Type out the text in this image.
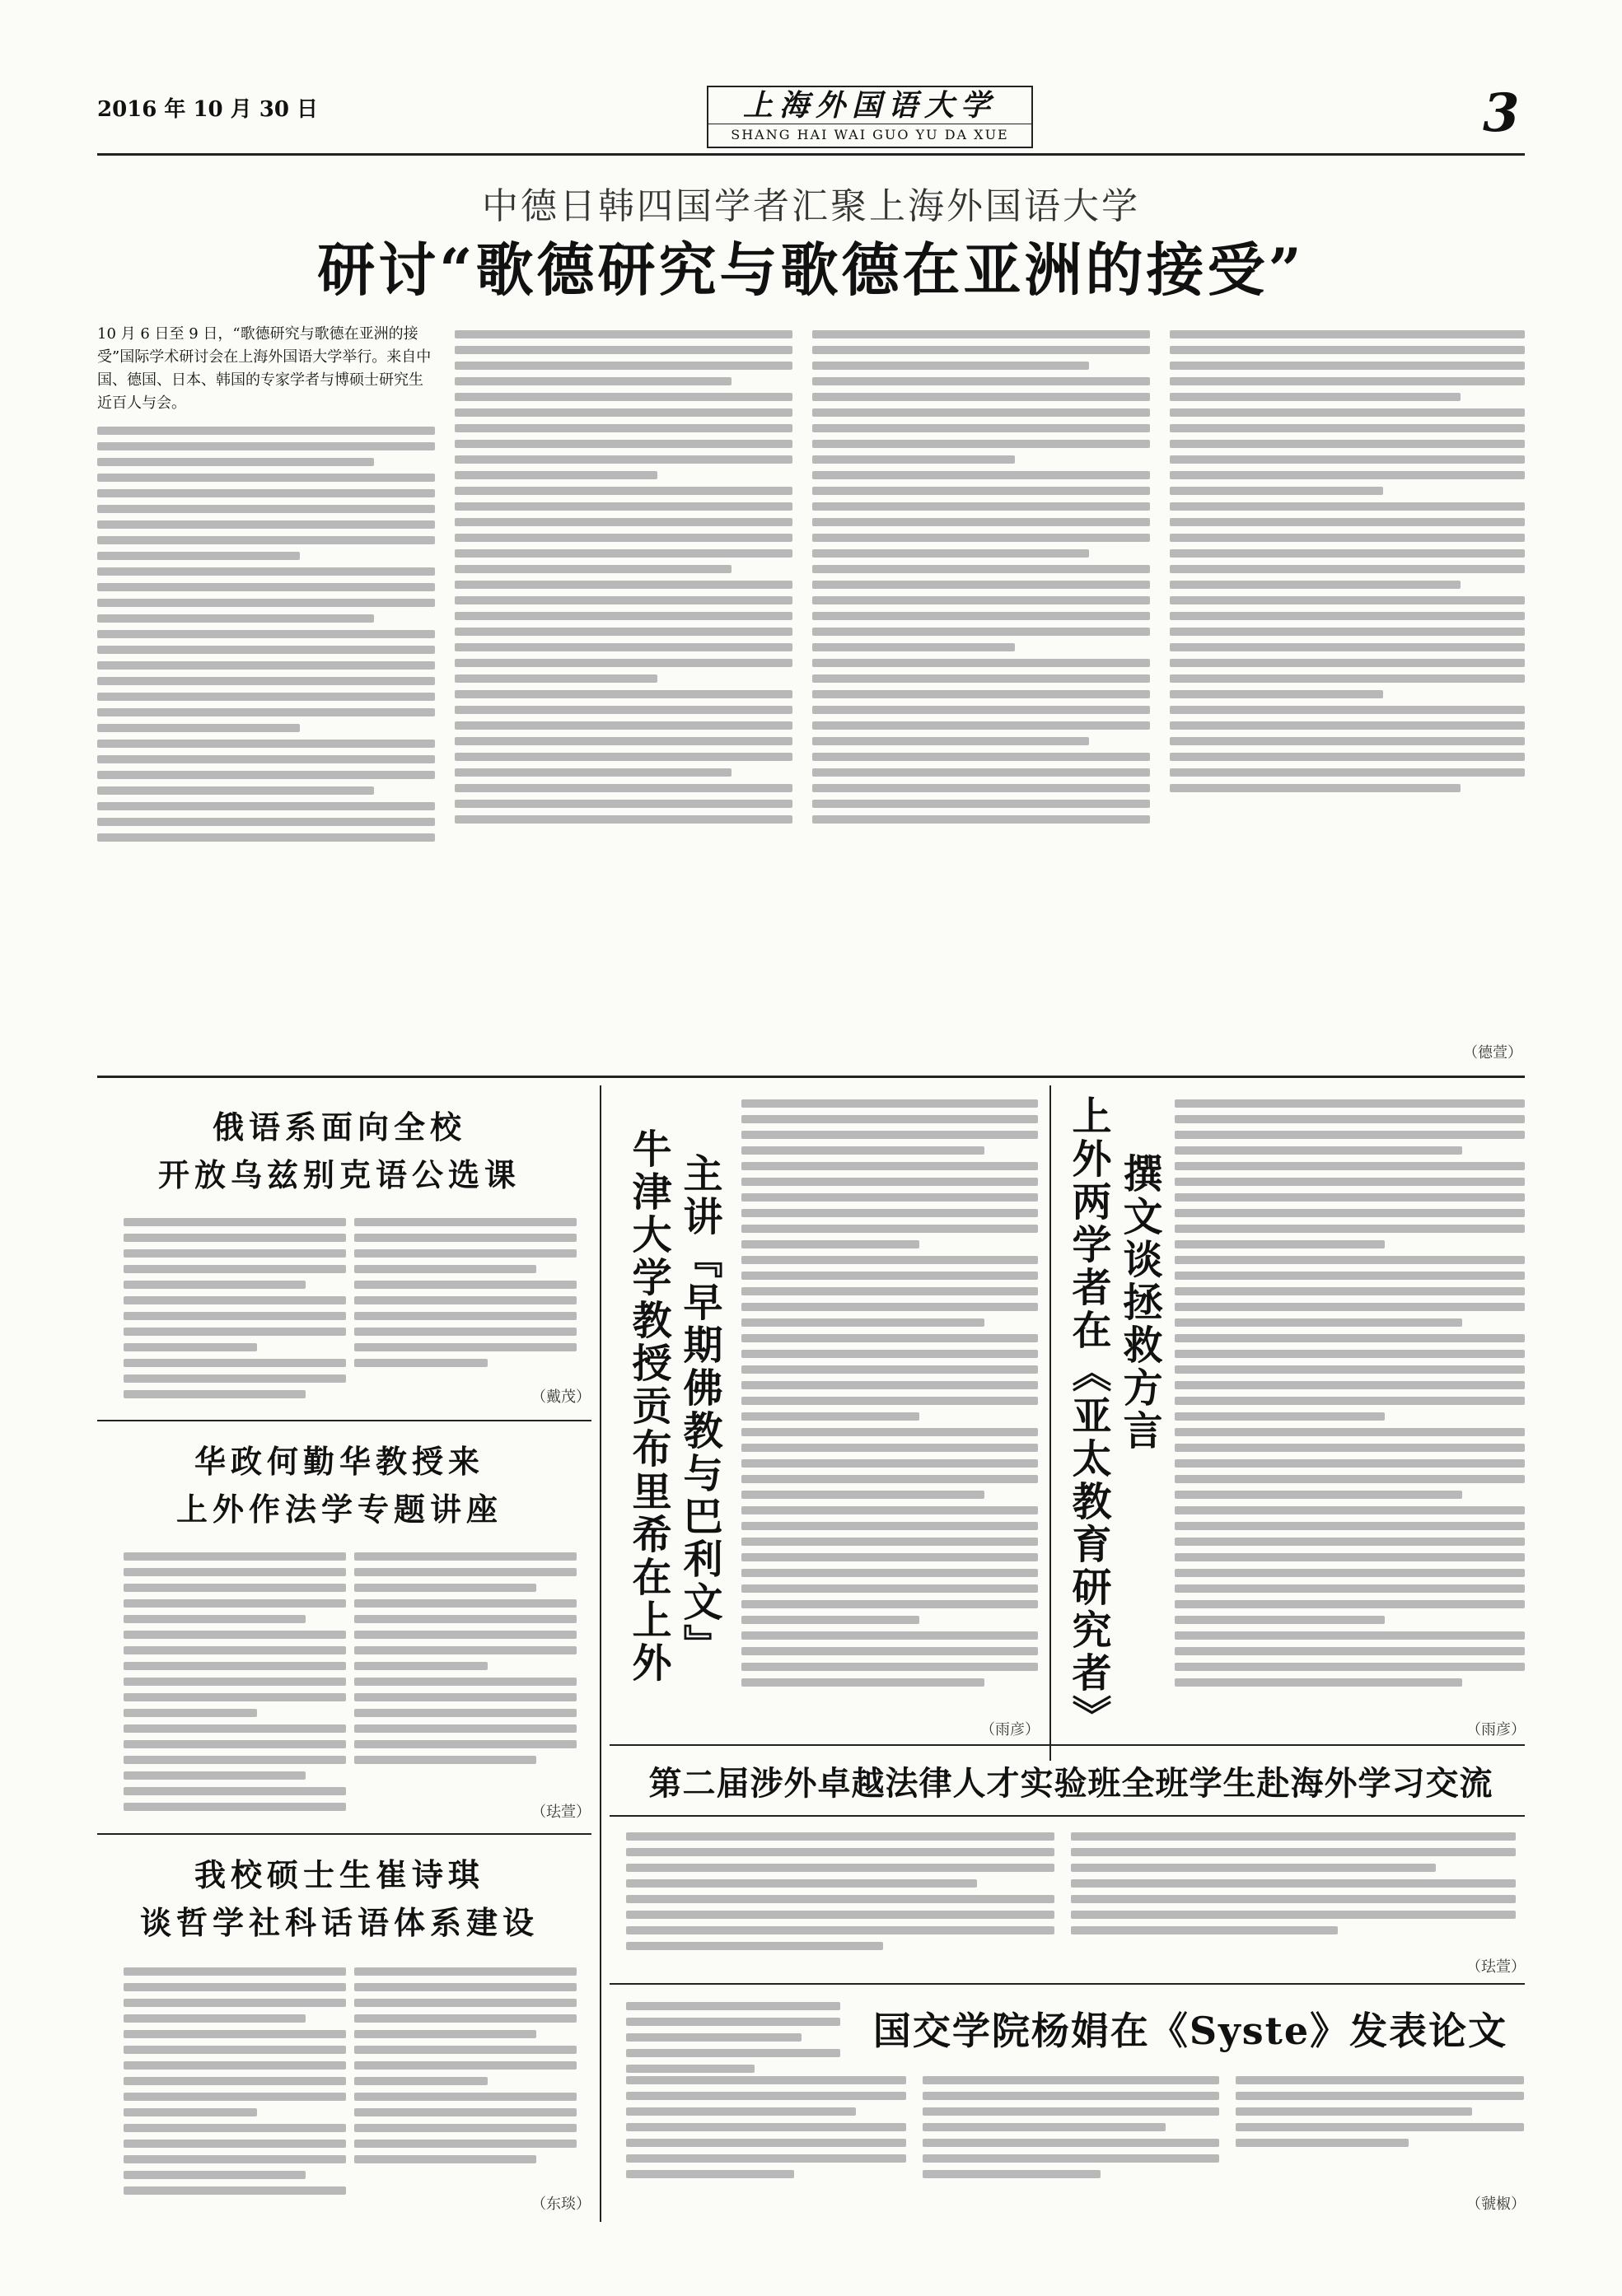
2016 年 10 月 30 日	上海外国语大学
SHANG HAI WAI GUO YU DA XUE	3
中德日韩四国学者汇聚上海外国语大学
研讨“歌德研究与歌德在亚洲的接受”
10 月 6 日至 9 日，“歌德研究与歌德在亚洲的接受”国际学术研讨会在上海外国语大学举行。来自中国、德国、日本、韩国的专家学者与博硕士研究生近百人与会。
（德萱）
俄语系面向全校
开放乌兹别克语公选课
（戴茂）
华政何勤华教授来
上外作法学专题讲座
（珐萱）
我校硕士生崔诗琪
谈哲学社科话语体系建设
（东琰）
牛津大学教授贡布里希在上外 主讲『早期佛教与巴利文』
（雨彦） 上外两学者在《亚太教育研究者》 撰文谈拯救方言
（雨彦）
第二届涉外卓越法律人才实验班全班学生赴海外学习交流
（珐萱）
国交学院杨娟在《Syste》发表论文
（虢椒）
